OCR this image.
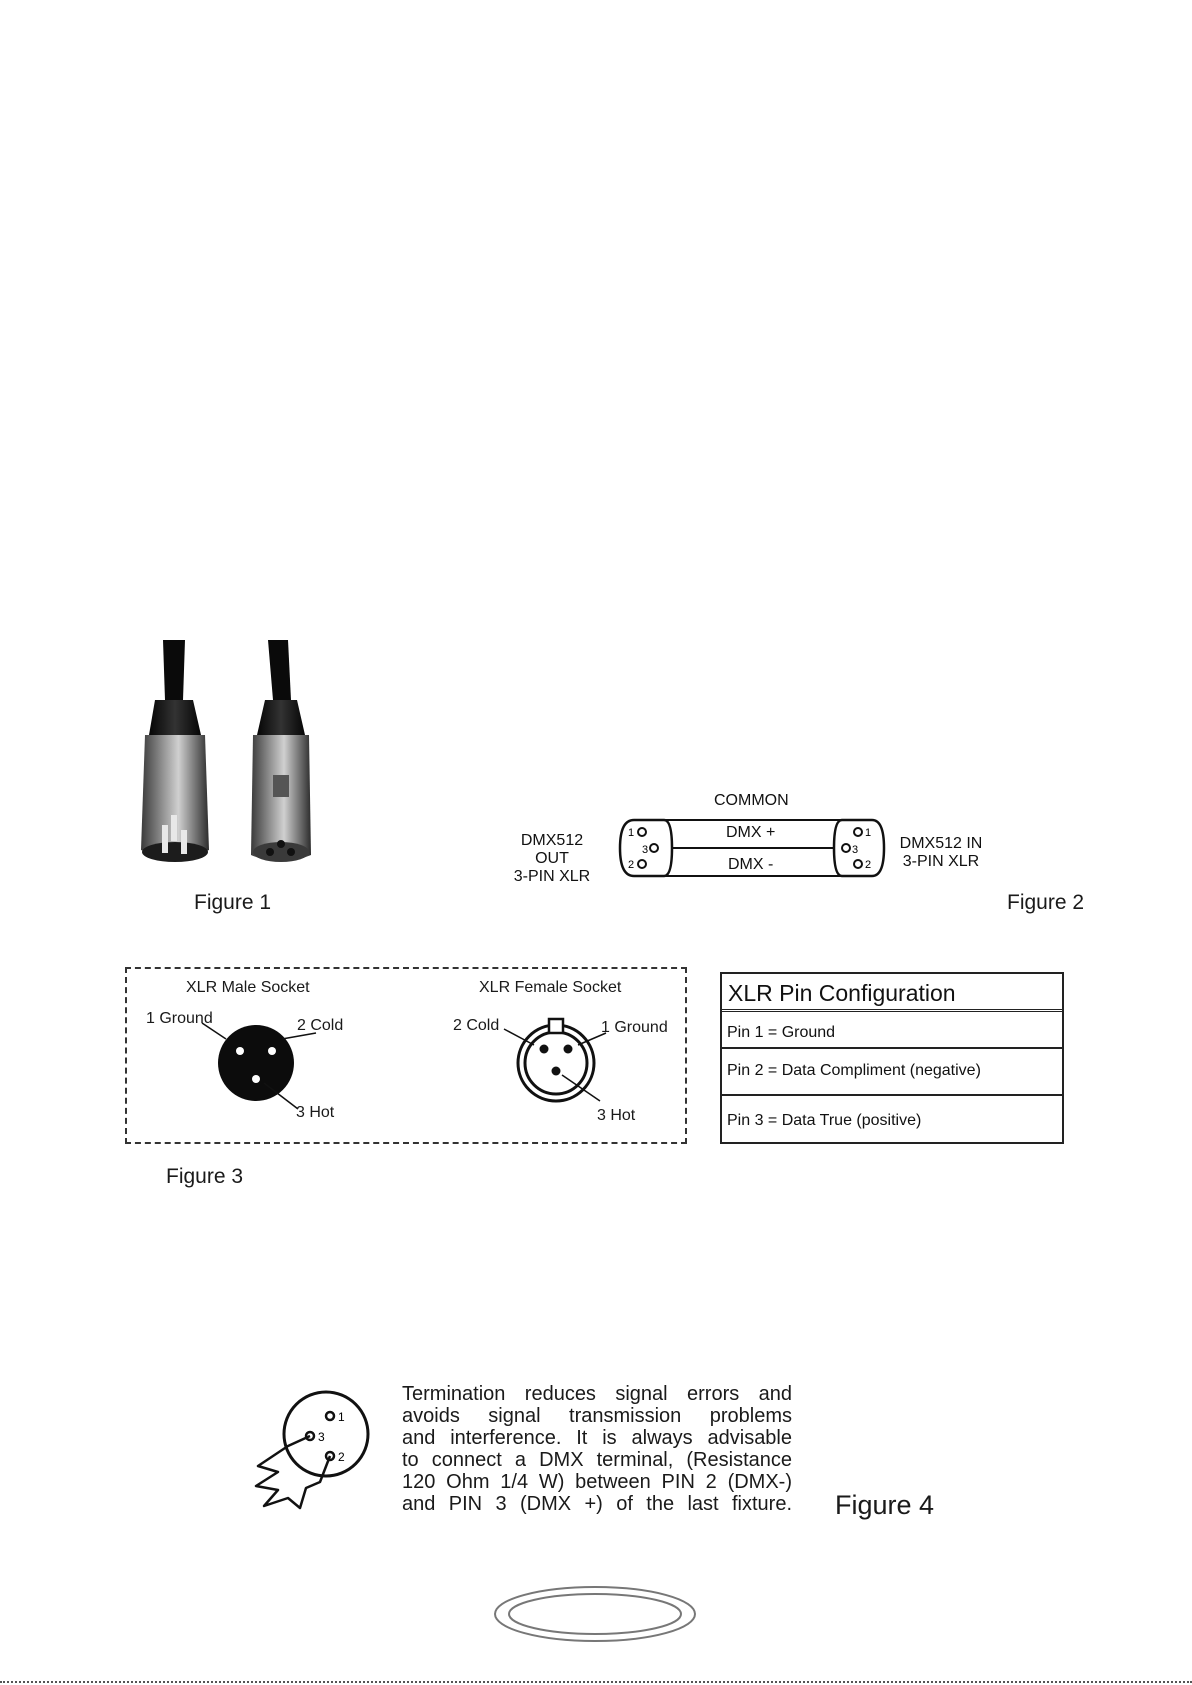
Figure 1
1
3
2
1
3
2
COMMON
DMX +
DMX -
DMX512 OUT
3-PIN XLR
DMX512 IN
3-PIN XLR
Figure 2
XLR Male Socket	XLR Female Socket
1 Ground	2 Cold
3 Hot
2 Cold	1 Ground
3 Hot
Figure 3
XLR Pin Configuration
Pin 1 = Ground
Pin 2 = Data Compliment (negative)
Pin 3 = Data True (positive)
1
3
2
Termination reduces signal errors and
avoids signal transmission problems
and interference. It is always advisable
to connect a DMX terminal, (Resistance
120 Ohm 1/4 W) between PIN 2 (DMX-)
and PIN 3 (DMX +) of the last fixture. Figure 4
